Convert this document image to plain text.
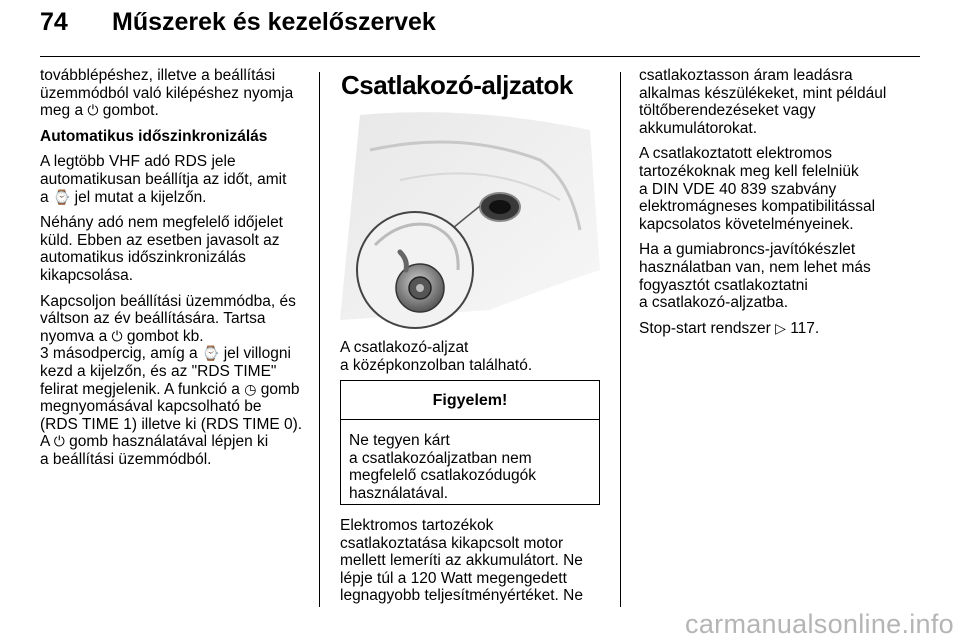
74 Műszerek és kezelőszervek

továbblépéshez, illetve a beállítási
üzemmódból való kilépéshez nyomja
meg a ⏻ gombot.

Automatikus időszinkronizálás

A legtöbb VHF adó RDS jele
automatikusan beállítja az időt, amit
a ⌚ jel mutat a kijelzőn.

Néhány adó nem megfelelő időjelet
küld. Ebben az esetben javasolt az
automatikus időszinkronizálás
kikapcsolása.

Kapcsoljon beállítási üzemmódba, és
váltson az év beállítására. Tartsa
nyomva a ⏻ gombot kb.
3 másodpercig, amíg a ⌚ jel villogni
kezd a kijelzőn, és az "RDS TIME"
felirat megjelenik. A funkció a ◷ gomb
megnyomásával kapcsolható be
(RDS TIME 1) illetve ki (RDS TIME 0).
A ⏻ gomb használatával lépjen ki
a beállítási üzemmódból.

Csatlakozó-aljzatok

A csatlakozó-aljzat
a középkonzolban található.

Figyelem!
Ne tegyen kárt
a csatlakozóaljzatban nem
megfelelő csatlakozódugók
használatával.

Elektromos tartozékok
csatlakoztatása kikapcsolt motor
mellett lemeríti az akkumulátort. Ne
lépje túl a 120 Watt megengedett
legnagyobb teljesítményértéket. Ne

csatlakoztasson áram leadásra
alkalmas készülékeket, mint például
töltőberendezéseket vagy
akkumulátorokat.

A csatlakoztatott elektromos
tartozékoknak meg kell felelniük
a DIN VDE 40 839 szabvány
elektromágneses kompatibilitással
kapcsolatos követelményeinek.

Ha a gumiabroncs-javítókészlet
használatban van, nem lehet más
fogyasztót csatlakoztatni
a csatlakozó-aljzatba.

Stop-start rendszer ▷ 117.

carmanualsonline.info
